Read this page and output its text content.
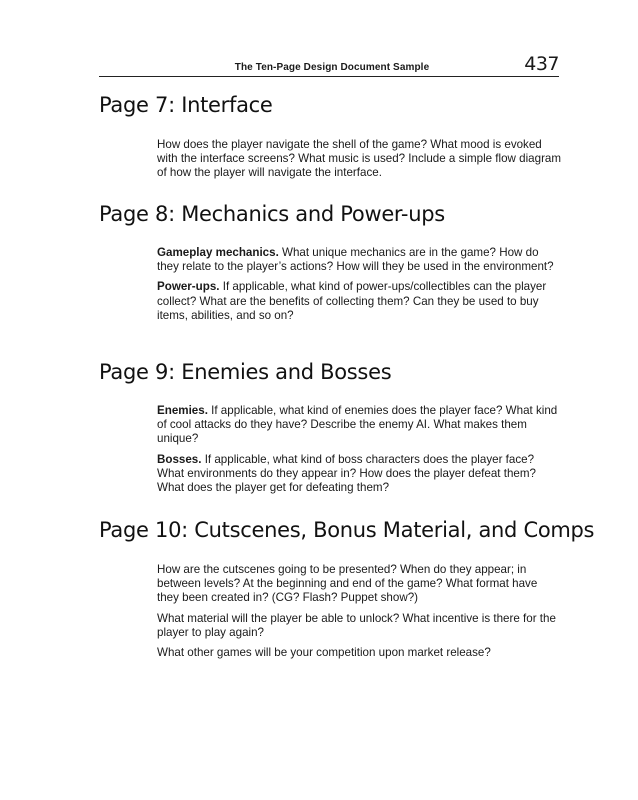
The Ten-Page Design Document Sample	437
Page 7: Interface

How does the player navigate the shell of the game? What mood is evoked with the interface screens? What music is used? Include a simple flow diagram of how the player will navigate the interface.

Page 8: Mechanics and Power-ups

Gameplay mechanics. What unique mechanics are in the game? How do they relate to the player’s actions? How will they be used in the environment?

Power-ups. If applicable, what kind of power-ups/collectibles can the player collect? What are the benefits of collecting them? Can they be used to buy items, abilities, and so on?

Page 9: Enemies and Bosses

Enemies. If applicable, what kind of enemies does the player face? What kind of cool attacks do they have? Describe the enemy AI. What makes them unique?

Bosses. If applicable, what kind of boss characters does the player face? What environments do they appear in? How does the player defeat them? What does the player get for defeating them?

Page 10: Cutscenes, Bonus Material, and Comps

How are the cutscenes going to be presented? When do they appear; in between levels? At the beginning and end of the game? What format have they been created in? (CG? Flash? Puppet show?)

What material will the player be able to unlock? What incentive is there for the player to play again?

What other games will be your competition upon market release?
